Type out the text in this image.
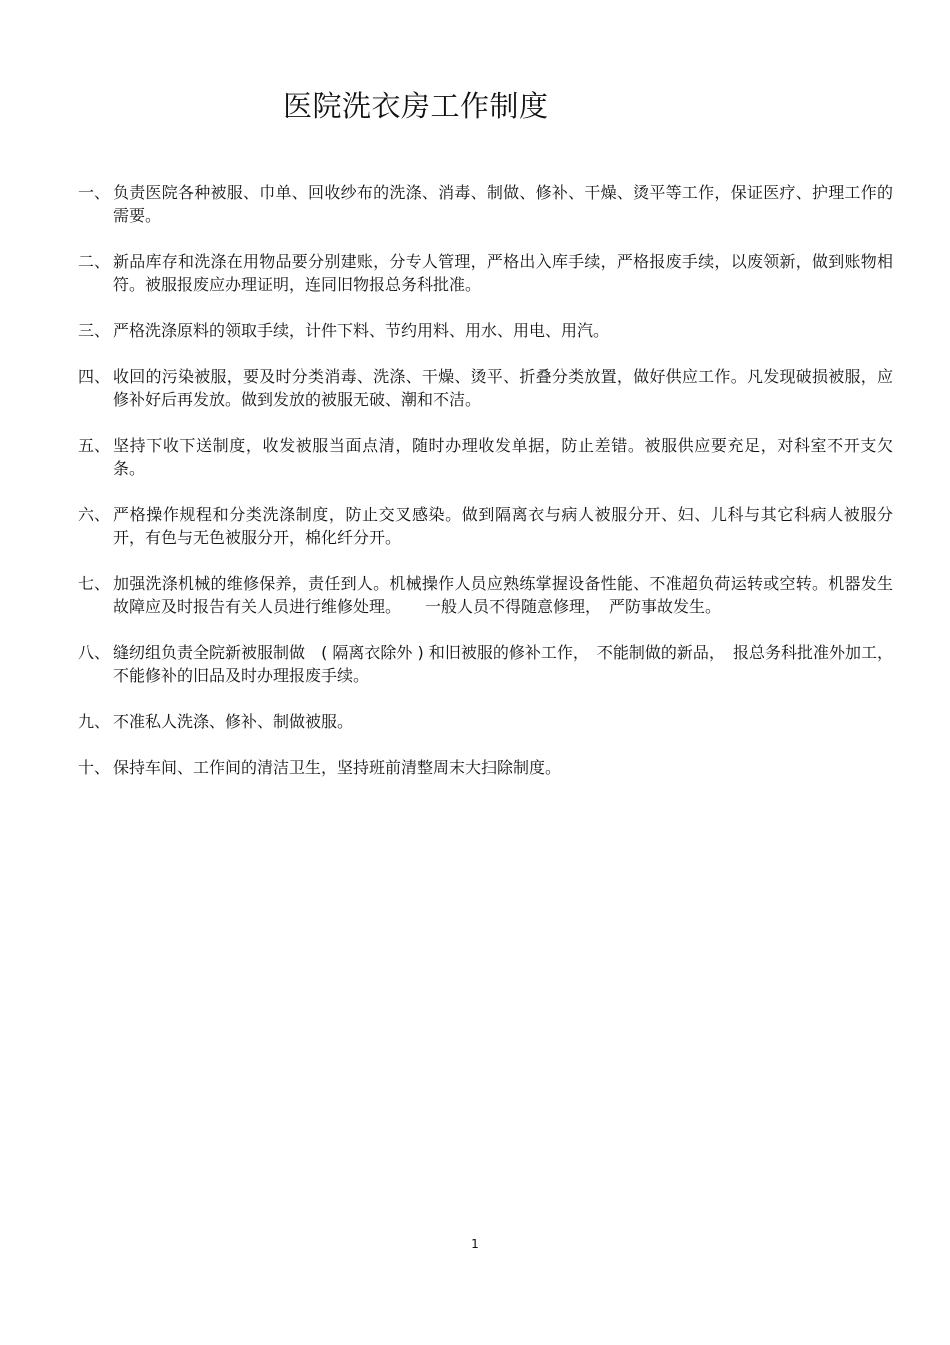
医院洗衣房工作制度
一、 负责医院各种被服、巾单、回收纱布的洗涤、消毒、制做、修补、干燥、烫平等工作，保证医疗、护理工作的需要。
二、 新品库存和洗涤在用物品要分别建账，分专人管理，严格出入库手续，严格报废手续，以废领新，做到账物相符。被服报废应办理证明，连同旧物报总务科批准。
三、 严格洗涤原料的领取手续，计件下料、节约用料、用水、用电、用汽。
四、 收回的污染被服，要及时分类消毒、洗涤、干燥、烫平、折叠分类放置，做好供应工作。凡发现破损被服，应修补好后再发放。做到发放的被服无破、潮和不洁。
五、 坚持下收下送制度，收发被服当面点清，随时办理收发单据，防止差错。被服供应要充足，对科室不开支欠条。
六、 严格操作规程和分类洗涤制度，防止交叉感染。做到隔离衣与病人被服分开、妇、儿科与其它科病人被服分开，有色与无色被服分开，棉化纤分开。
七、 加强洗涤机械的维修保养，责任到人。机械操作人员应熟练掌握设备性能、不准超负荷运转或空转。机器发生故障应及时报告有关人员进行维修处理。　　一般人员不得随意修理，　严防事故发生。
八、 缝纫组负责全院新被服制做　( 隔离衣除外 ) 和旧被服的修补工作，　不能制做的新品，　报总务科批准外加工，不能修补的旧品及时办理报废手续。
九、 不准私人洗涤、修补、制做被服。
十、 保持车间、工作间的清洁卫生，坚持班前清整周末大扫除制度。
1
